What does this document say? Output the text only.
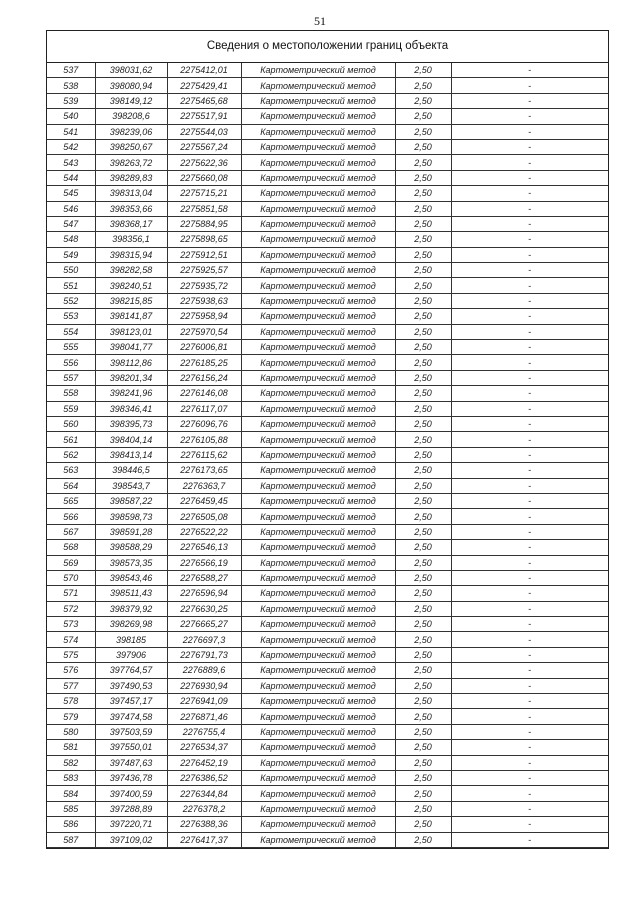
51
Сведения о местоположении границ объекта
537	398031,62	2275412,01	Картометрический метод	2,50	-
538	398080,94	2275429,41	Картометрический метод	2,50	-
539	398149,12	2275465,68	Картометрический метод	2,50	-
540	398208,6	2275517,91	Картометрический метод	2,50	-
541	398239,06	2275544,03	Картометрический метод	2,50	-
542	398250,67	2275567,24	Картометрический метод	2,50	-
543	398263,72	2275622,36	Картометрический метод	2,50	-
544	398289,83	2275660,08	Картометрический метод	2,50	-
545	398313,04	2275715,21	Картометрический метод	2,50	-
546	398353,66	2275851,58	Картометрический метод	2,50	-
547	398368,17	2275884,95	Картометрический метод	2,50	-
548	398356,1	2275898,65	Картометрический метод	2,50	-
549	398315,94	2275912,51	Картометрический метод	2,50	-
550	398282,58	2275925,57	Картометрический метод	2,50	-
551	398240,51	2275935,72	Картометрический метод	2,50	-
552	398215,85	2275938,63	Картометрический метод	2,50	-
553	398141,87	2275958,94	Картометрический метод	2,50	-
554	398123,01	2275970,54	Картометрический метод	2,50	-
555	398041,77	2276006,81	Картометрический метод	2,50	-
556	398112,86	2276185,25	Картометрический метод	2,50	-
557	398201,34	2276156,24	Картометрический метод	2,50	-
558	398241,96	2276146,08	Картометрический метод	2,50	-
559	398346,41	2276117,07	Картометрический метод	2,50	-
560	398395,73	2276096,76	Картометрический метод	2,50	-
561	398404,14	2276105,88	Картометрический метод	2,50	-
562	398413,14	2276115,62	Картометрический метод	2,50	-
563	398446,5	2276173,65	Картометрический метод	2,50	-
564	398543,7	2276363,7	Картометрический метод	2,50	-
565	398587,22	2276459,45	Картометрический метод	2,50	-
566	398598,73	2276505,08	Картометрический метод	2,50	-
567	398591,28	2276522,22	Картометрический метод	2,50	-
568	398588,29	2276546,13	Картометрический метод	2,50	-
569	398573,35	2276566,19	Картометрический метод	2,50	-
570	398543,46	2276588,27	Картометрический метод	2,50	-
571	398511,43	2276596,94	Картометрический метод	2,50	-
572	398379,92	2276630,25	Картометрический метод	2,50	-
573	398269,98	2276665,27	Картометрический метод	2,50	-
574	398185	2276697,3	Картометрический метод	2,50	-
575	397906	2276791,73	Картометрический метод	2,50	-
576	397764,57	2276889,6	Картометрический метод	2,50	-
577	397490,53	2276930,94	Картометрический метод	2,50	-
578	397457,17	2276941,09	Картометрический метод	2,50	-
579	397474,58	2276871,46	Картометрический метод	2,50	-
580	397503,59	2276755,4	Картометрический метод	2,50	-
581	397550,01	2276534,37	Картометрический метод	2,50	-
582	397487,63	2276452,19	Картометрический метод	2,50	-
583	397436,78	2276386,52	Картометрический метод	2,50	-
584	397400,59	2276344,84	Картометрический метод	2,50	-
585	397288,89	2276378,2	Картометрический метод	2,50	-
586	397220,71	2276388,36	Картометрический метод	2,50	-
587	397109,02	2276417,37	Картометрический метод	2,50	-
